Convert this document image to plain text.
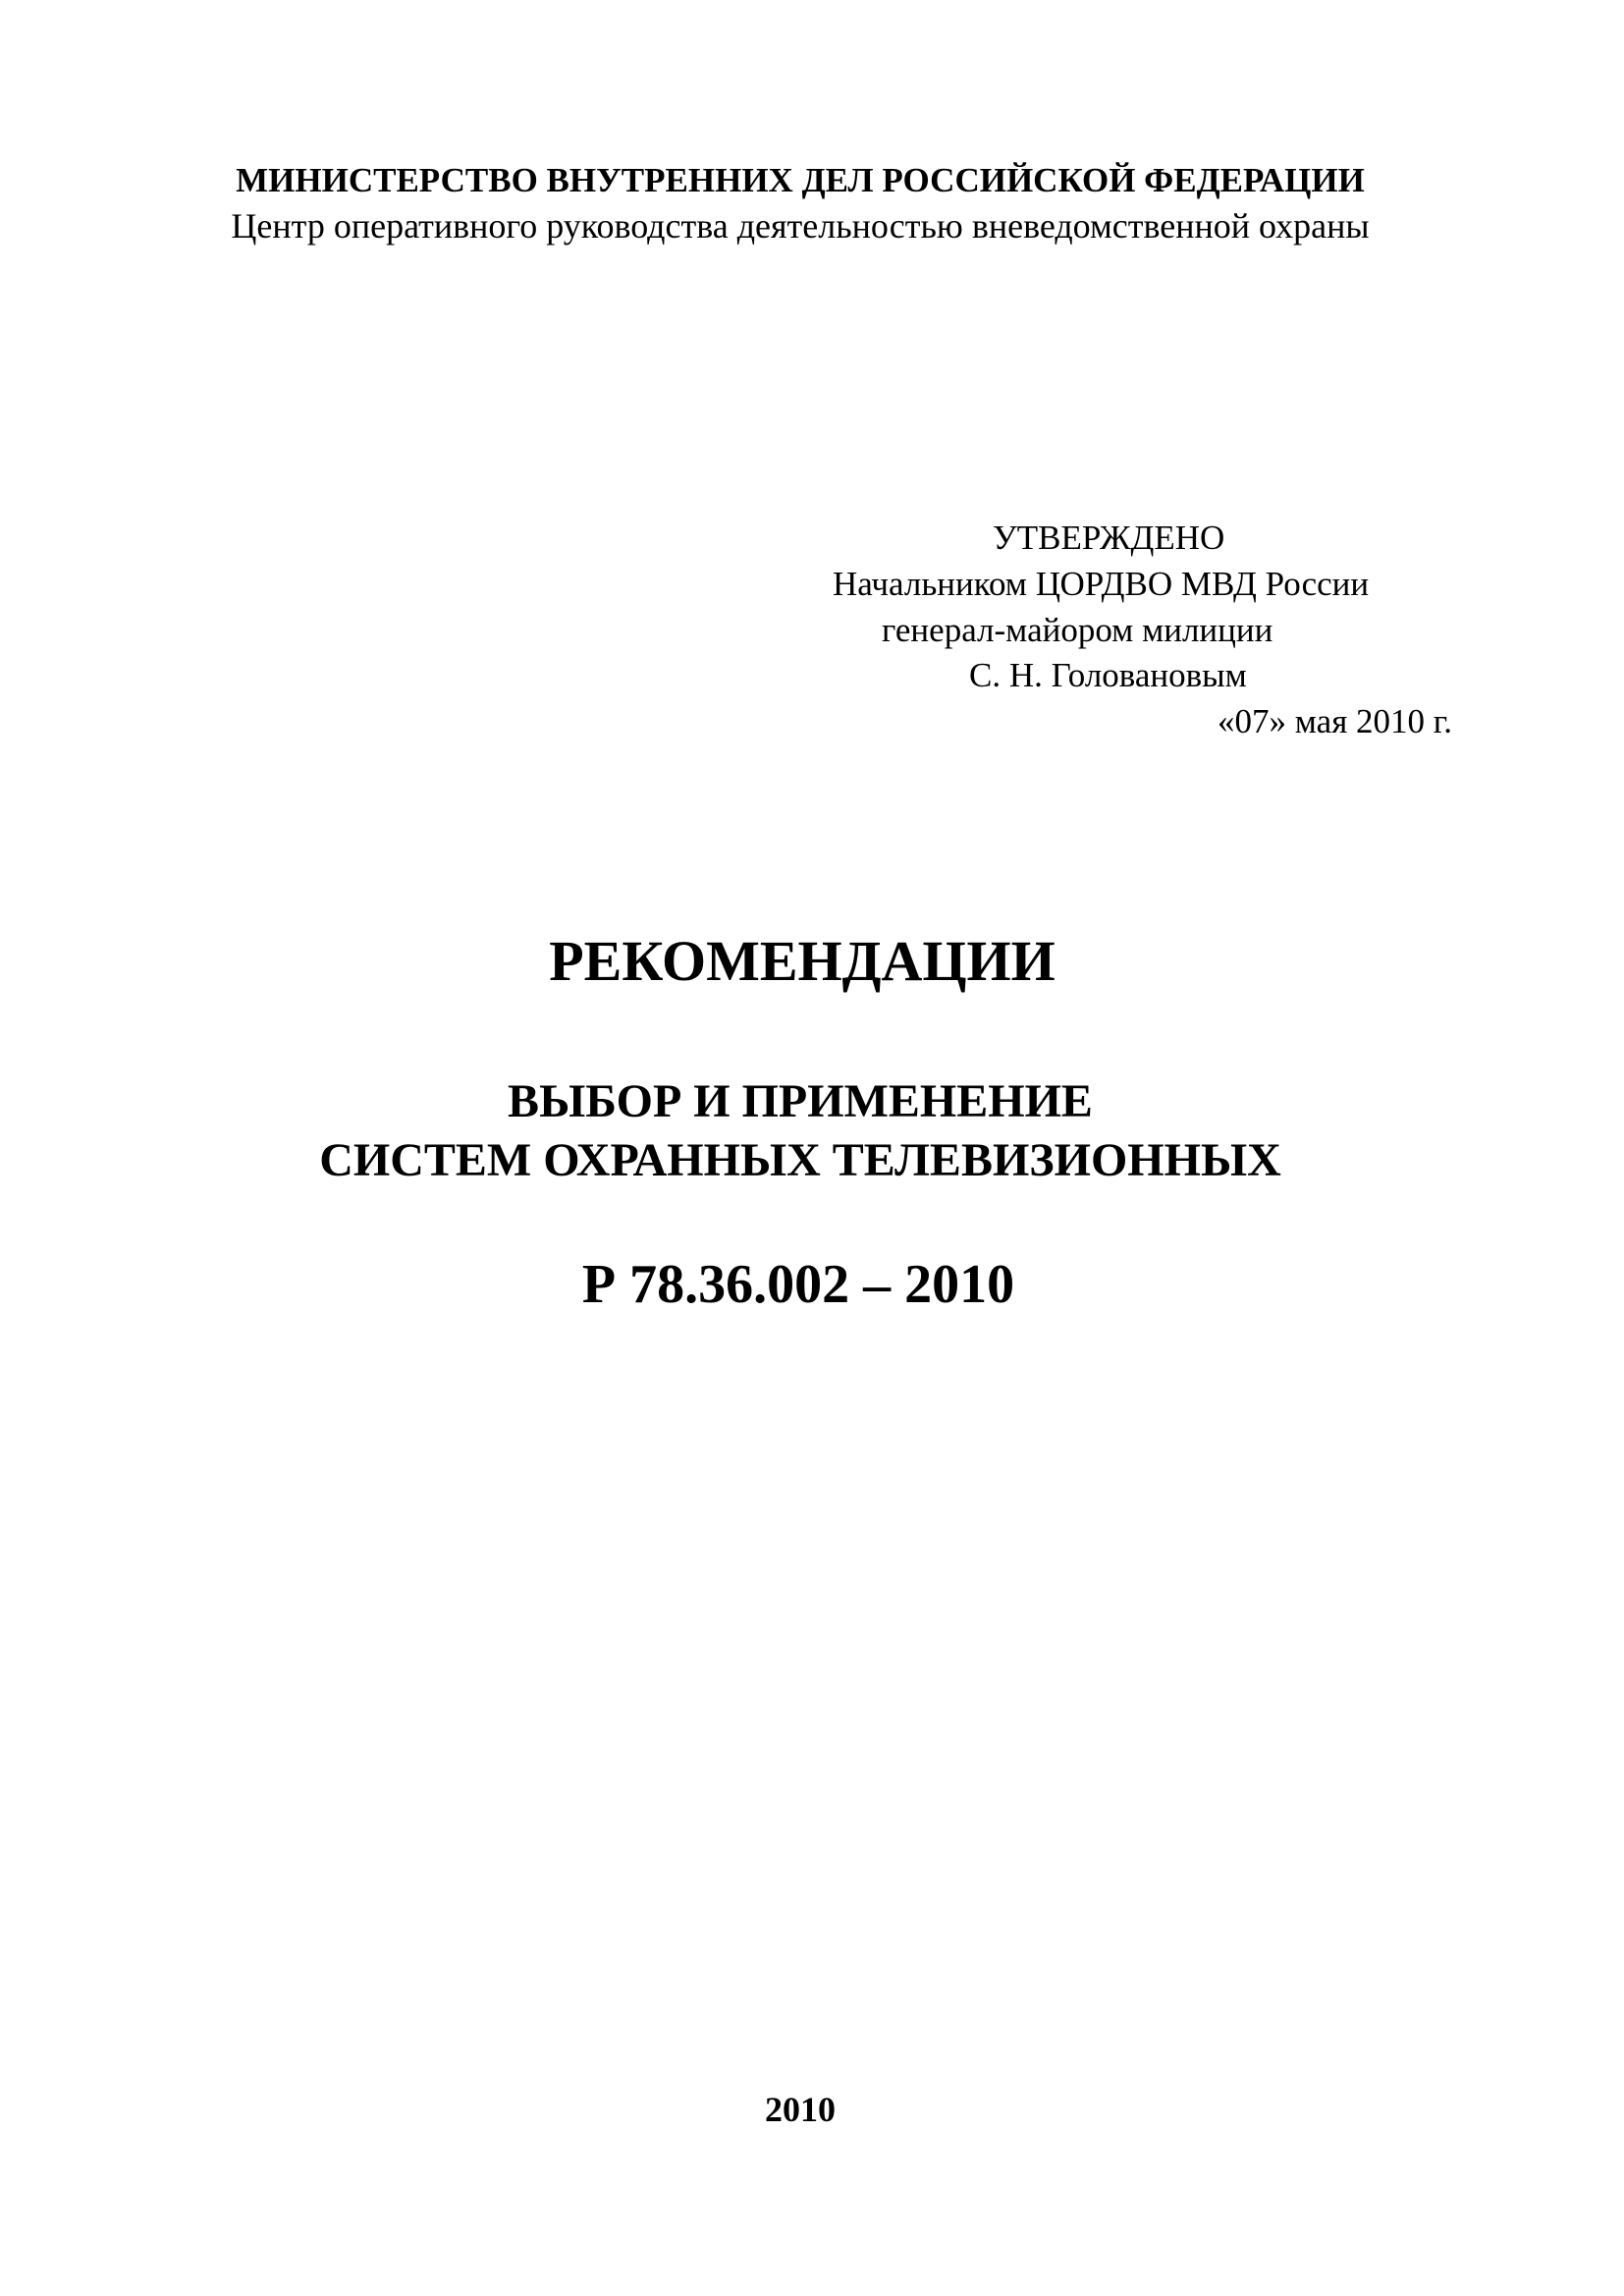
МИНИСТЕРСТВО ВНУТРЕННИХ ДЕЛ РОССИЙСКОЙ ФЕДЕРАЦИИ
Центр оперативного руководства деятельностью вневедомственной охраны
УТВЕРЖДЕНО
Начальником ЦОРДВО МВД России
генерал-майором милиции
С. Н. Головановым
«07» мая 2010 г.
РЕКОМЕНДАЦИИ
ВЫБОР И ПРИМЕНЕНИЕ
СИСТЕМ ОХРАННЫХ ТЕЛЕВИЗИОННЫХ
Р 78.36.002 – 2010
2010
